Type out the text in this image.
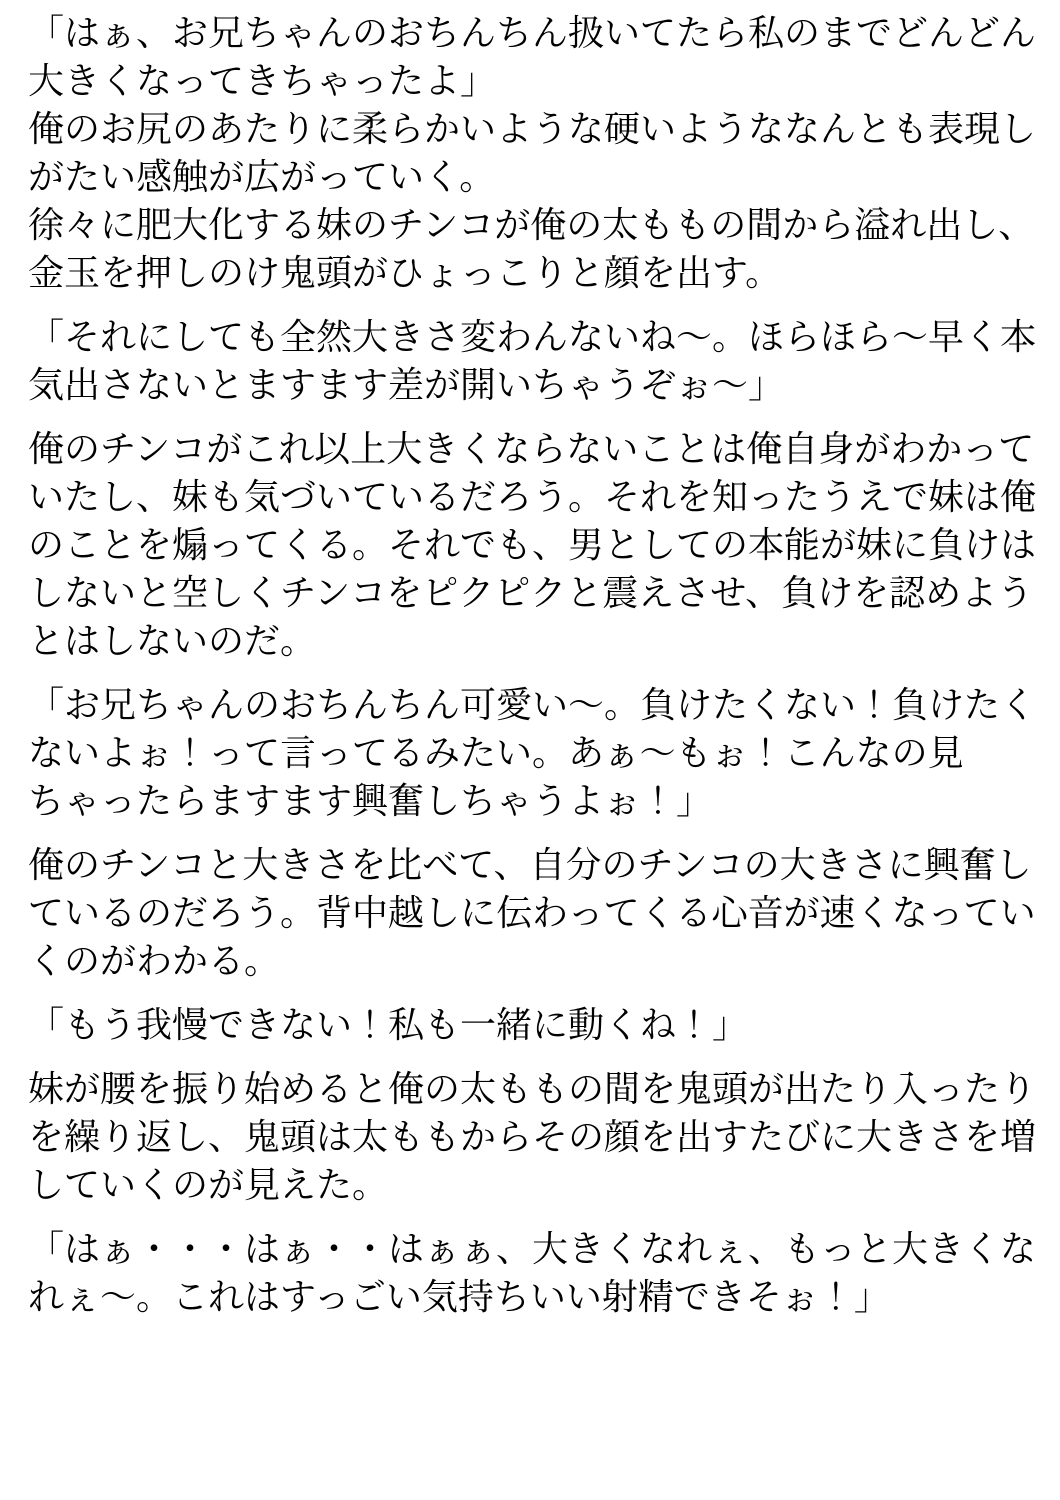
「はぁ、お兄ちゃんのおちんちん扱いてたら私のまでどんどん
大きくなってきちゃったよ」
俺のお尻のあたりに柔らかいような硬いようななんとも表現し
がたい感触が広がっていく。
徐々に肥大化する妹のチンコが俺の太ももの間から溢れ出し、
金玉を押しのけ鬼頭がひょっこりと顔を出す。

「それにしても全然大きさ変わんないね～。ほらほら～早く本
気出さないとますます差が開いちゃうぞぉ～」

俺のチンコがこれ以上大きくならないことは俺自身がわかって
いたし、妹も気づいているだろう。それを知ったうえで妹は俺
のことを煽ってくる。それでも、男としての本能が妹に負けは
しないと空しくチンコをピクピクと震えさせ、負けを認めよう
とはしないのだ。

「お兄ちゃんのおちんちん可愛い～。負けたくない！負けたく
ないよぉ！って言ってるみたい。あぁ～もぉ！こんなの見
ちゃったらますます興奮しちゃうよぉ！」

俺のチンコと大きさを比べて、自分のチンコの大きさに興奮し
ているのだろう。背中越しに伝わってくる心音が速くなってい
くのがわかる。

「もう我慢できない！私も一緒に動くね！」

妹が腰を振り始めると俺の太ももの間を鬼頭が出たり入ったり
を繰り返し、鬼頭は太ももからその顔を出すたびに大きさを増
していくのが見えた。

「はぁ・・・はぁ・・はぁぁ、大きくなれぇ、もっと大きくな
れぇ～。これはすっごい気持ちいい射精できそぉ！」
